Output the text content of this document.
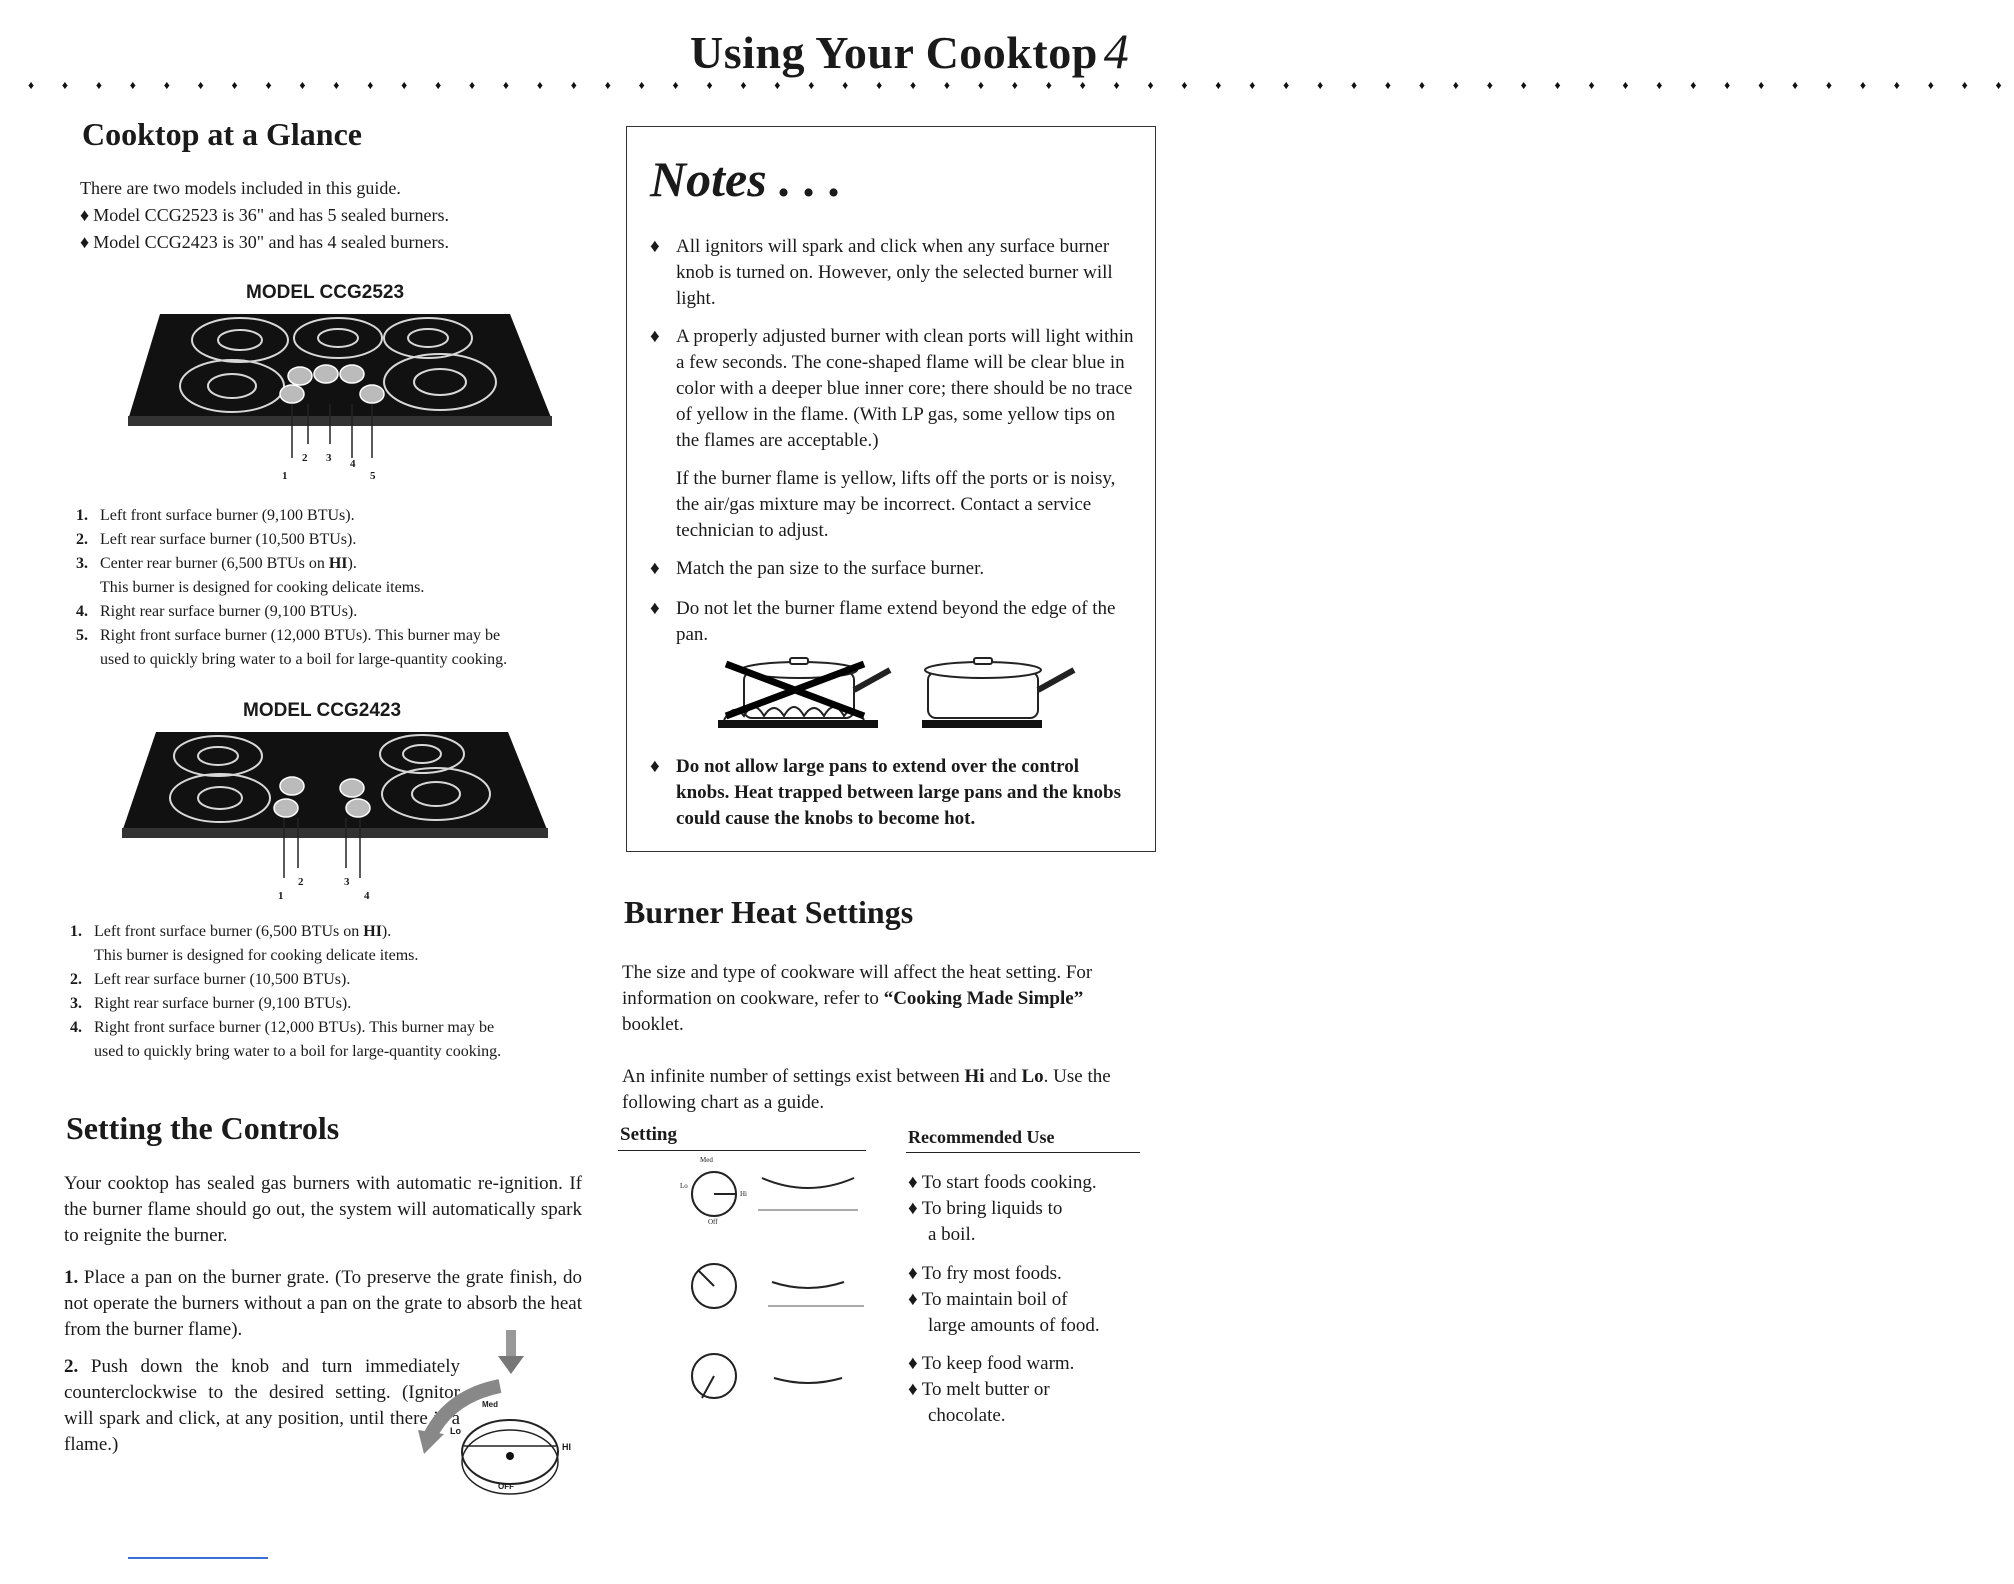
Using Your Cooktop 4
♦ ♦ ♦ ♦ ♦ ♦ ♦ ♦ ♦ ♦ ♦ ♦ ♦ ♦ ♦ ♦ ♦ ♦ ♦ ♦ ♦ ♦ ♦ ♦ ♦ ♦ ♦ ♦ ♦ ♦ ♦ ♦ ♦ ♦ ♦ ♦ ♦ ♦ ♦ ♦ ♦ ♦ ♦ ♦ ♦ ♦ ♦ ♦ ♦ ♦ ♦ ♦ ♦ ♦ ♦ ♦ ♦ ♦ ♦
Cooktop at a Glance
There are two models included in this guide.
♦ Model CCG2523 is 36" and has 5 sealed burners.
♦ Model CCG2423 is 30" and has 4 sealed burners.
MODEL CCG2523
1
2 3 4
5
1. Left front surface burner (9,100 BTUs).
2. Left rear surface burner (10,500 BTUs).
3. Center rear burner (6,500 BTUs on HI).
This burner is designed for cooking delicate items.
4. Right rear surface burner (9,100 BTUs).
5. Right front surface burner (12,000 BTUs). This burner may be
used to quickly bring water to a boil for large-quantity cooking.
MODEL CCG2423
1
2	3
4
1. Left front surface burner (6,500 BTUs on HI).
This burner is designed for cooking delicate items.
2. Left rear surface burner (10,500 BTUs).
3. Right rear surface burner (9,100 BTUs).
4. Right front surface burner (12,000 BTUs). This burner may be
used to quickly bring water to a boil for large-quantity cooking.
Setting the Controls
Your cooktop has sealed gas burners with automatic re-ignition. If the burner flame should go out, the system will automatically spark to reignite the burner.
1. Place a pan on the burner grate. (To preserve the grate finish, do not operate the burners without a pan on the grate to absorb the heat from the burner flame).
2. Push down the knob and turn immediately counterclockwise to the desired setting. (Ignitor will spark and click, at any position, until there is a flame.)
Med
Lo
HI
OFF
Notes . . .
♦ All ignitors will spark and click when any surface burner knob is turned on. However, only the selected burner will light.
♦ A properly adjusted burner with clean ports will light within a few seconds. The cone-shaped flame will be clear blue in color with a deeper blue inner core; there should be no trace of yellow in the flame. (With LP gas, some yellow tips on the flames are acceptable.)
If the burner flame is yellow, lifts off the ports or is noisy, the air/gas mixture may be incorrect. Contact a service technician to adjust.
♦ Match the pan size to the surface burner.
♦ Do not let the burner flame extend beyond the edge of the pan.
♦ Do not allow large pans to extend over the control knobs. Heat trapped between large pans and the knobs could cause the knobs to become hot.
Burner Heat Settings
The size and type of cookware will affect the heat setting. For information on cookware, refer to “Cooking Made Simple” booklet.
An infinite number of settings exist between Hi and Lo. Use the following chart as a guide.
Setting	Recommended Use
Med
Lo
Hi
Off
♦ To start foods cooking.
♦ To bring liquids to
a boil.
♦ To fry most foods.
♦ To maintain boil of
large amounts of food.
♦ To keep food warm.
♦ To melt butter or
chocolate.
